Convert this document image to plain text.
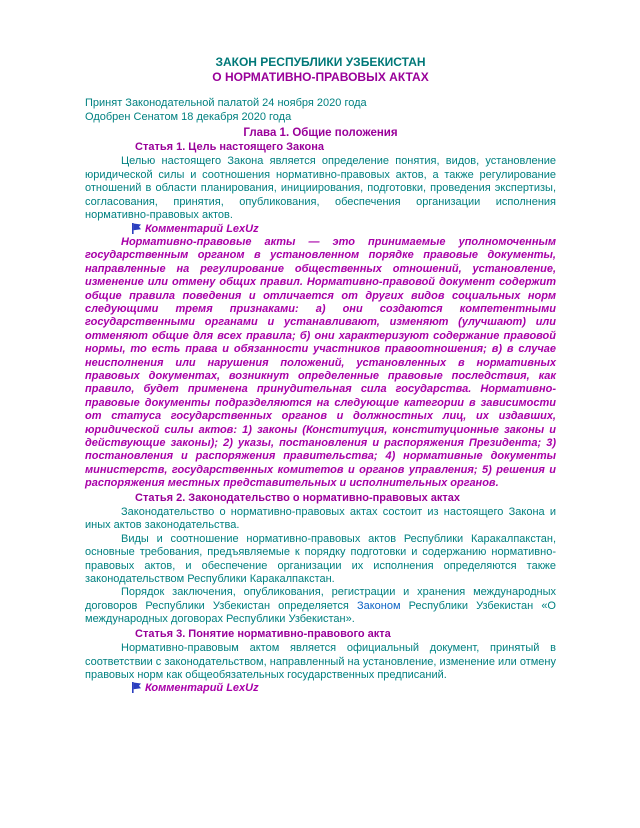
ЗАКОН РЕСПУБЛИКИ УЗБЕКИСТАН
О НОРМАТИВНО-ПРАВОВЫХ АКТАХ

Принят Законодательной палатой 24 ноября 2020 года

Одобрен Сенатом 18 декабря 2020 года

Глава 1. Общие положения
Статья 1. Цель настоящего Закона

Целью настоящего Закона является определение понятия, видов, установление юридической силы и соотношения нормативно-правовых актов, а также регулирование отношений в области планирования, инициирования, подготовки, проведения экспертизы, согласования, принятия, опубликования, обеспечения организации исполнения нормативно-правовых актов.

Комментарий LexUz

Нормативно-правовые акты — это принимаемые уполномоченным государственным органом в установленном порядке правовые документы, направленные на регулирование общественных отношений, установление, изменение или отмену общих правил. Нормативно-правовой документ содержит общие правила поведения и отличается от других видов социальных норм следующими тремя признаками: а) они создаются компетентными государственными органами и устанавливают, изменяют (улучшают) или отменяют общие для всех правила; б) они характеризуют содержание правовой нормы, то есть права и обязанности участников правоотношения; в) в случае неисполнения или нарушения положений, установленных в нормативных правовых документах, возникнут определенные правовые последствия, как правило, будет применена принудительная сила государства. Нормативно-правовые документы подразделяются на следующие категории в зависимости от статуса государственных органов и должностных лиц, их издавших, юридической силы актов: 1) законы (Конституция, конституционные законы и действующие законы); 2) указы, постановления и распоряжения Президента; 3) постановления и распоряжения правительства; 4) нормативные документы министерств, государственных комитетов и органов управления; 5) решения и распоряжения местных представительных и исполнительных органов.

Статья 2. Законодательство о нормативно-правовых актах

Законодательство о нормативно-правовых актах состоит из настоящего Закона и иных актов законодательства.

Виды и соотношение нормативно-правовых актов Республики Каракалпакстан, основные требования, предъявляемые к порядку подготовки и содержанию нормативно-правовых актов, и обеспечение организации их исполнения определяются также законодательством Республики Каракалпакстан.

Порядок заключения, опубликования, регистрации и хранения международных договоров Республики Узбекистан определяется Законом Республики Узбекистан «О международных договорах Республики Узбекистан».

Статья 3. Понятие нормативно-правового акта

Нормативно-правовым актом является официальный документ, принятый в соответствии с законодательством, направленный на установление, изменение или отмену правовых норм как общеобязательных государственных предписаний.

Комментарий LexUz
